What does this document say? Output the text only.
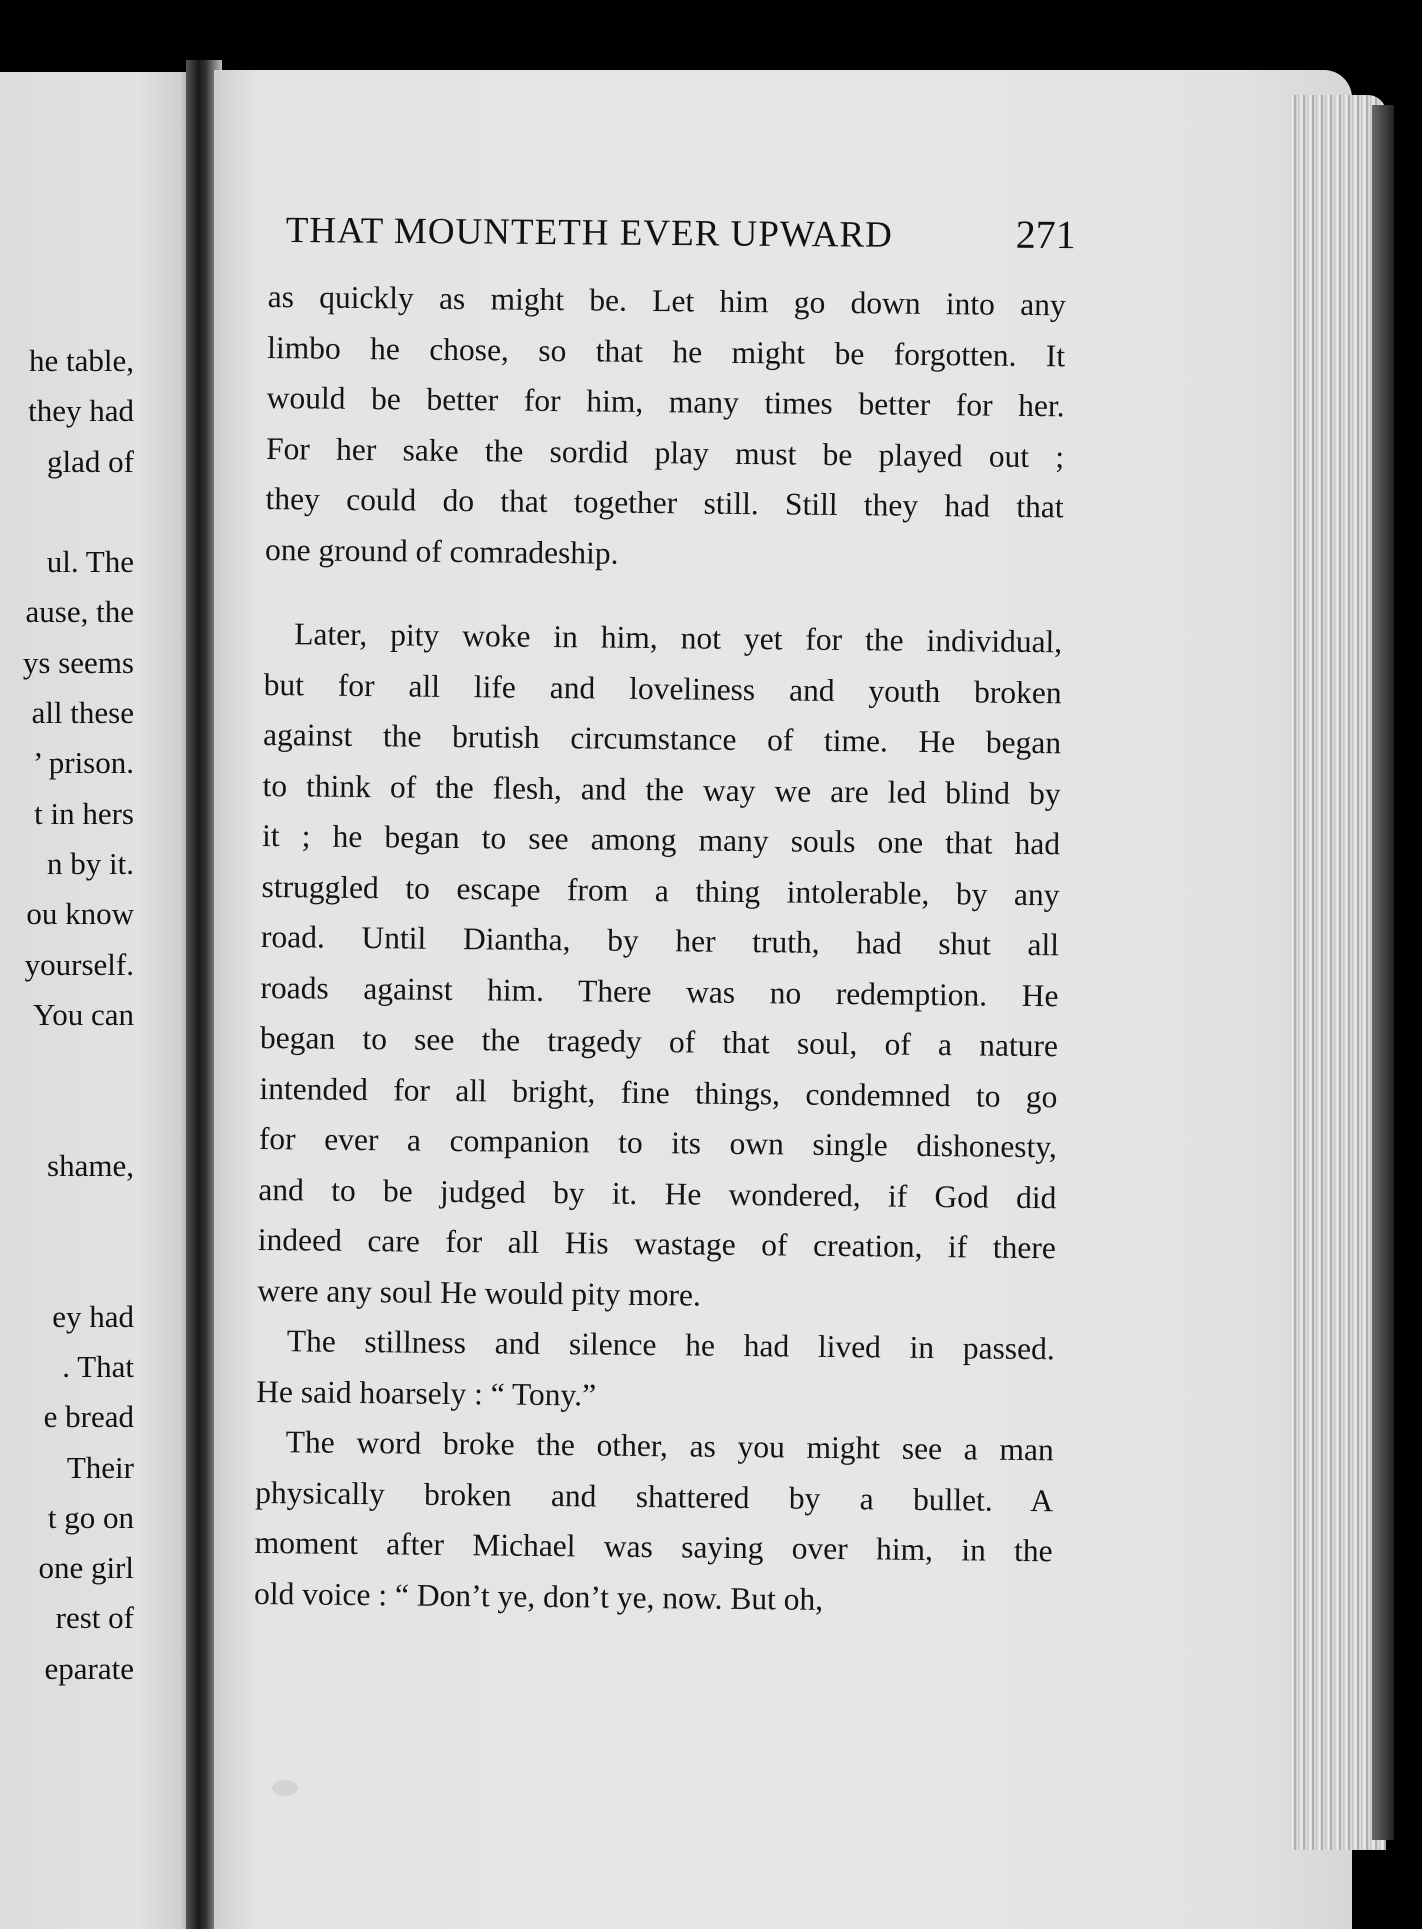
he table,
they had
glad of
ul. The
ause, the
ys seems
all these
’ prison.
t in hers
n by it.
ou know
yourself.
You can
shame,
ey had
. That
e bread
Their
t go on
one girl
rest of
eparate
THAT MOUNTETH EVER UPWARD	271
as quickly as might be. Let him go down into any
limbo he chose, so that he might be forgotten. It
would be better for him, many times better for her.
For her sake the sordid play must be played out ;
they could do that together still. Still they had that
one ground of comradeship.
Later, pity woke in him, not yet for the individual,
but for all life and loveliness and youth broken
against the brutish circumstance of time. He began
to think of the flesh, and the way we are led blind by
it ; he began to see among many souls one that had
struggled to escape from a thing intolerable, by any
road. Until Diantha, by her truth, had shut all
roads against him. There was no redemption. He
began to see the tragedy of that soul, of a nature
intended for all bright, fine things, condemned to go
for ever a companion to its own single dishonesty,
and to be judged by it. He wondered, if God did
indeed care for all His wastage of creation, if there
were any soul He would pity more.
The stillness and silence he had lived in passed.
He said hoarsely : “ Tony.”
The word broke the other, as you might see a man
physically broken and shattered by a bullet. A
moment after Michael was saying over him, in the
old voice : “ Don’t ye, don’t ye, now. But oh,
